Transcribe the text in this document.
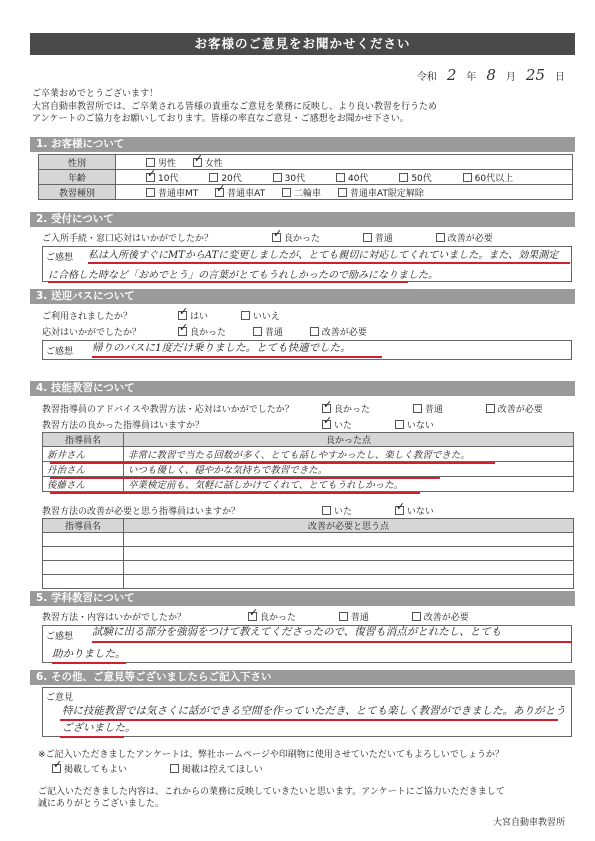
お客様のご意見をお聞かせください
令和 2 年 8 月 25 日

ご卒業おめでとうございます！

大宮自動車教習所では、ご卒業される皆様の貴重なご意見を業務に反映し、より良い教習を行うため

アンケートのご協力をお願いしております。皆様の率直なご意見・ご感想をお聞かせ下さい。

1. お客様について
性別	男性 ✓ 女性
年齢	✓10代 20代 30代 40代 50代 60代以上
教習種別	普通車MT ✓ 普通車AT 二輪車 普通車AT限定解除
2. 受付について
ご入所手続・窓口応対はいかがでしたか？ ✓	良かった	普通	改善が必要
ご感想 私は入所後すぐにMTからATに変更しましたが、とても親切に対応してくれていました。また、効果測定
に合格した時など「おめでとう」の言葉がとてもうれしかったので励みになりました。
3. 送迎バスについて
ご利用されましたか？ ✓	はい	いいえ
応対はいかがでしたか？ ✓	良かった	普通	改善が必要
ご感想 帰りのバスに1度だけ乗りました。とても快適でした。
4. 技能教習について
教習指導員のアドバイスや教習方法・応対はいかがでしたか？ ✓	良かった	普通	改善が必要
教習方法の良かった指導員はいますか？ ✓	いた	いない
指導員名	良かった点
新井さん	非常に教習で当たる回数が多く、とても話しやすかったし、楽しく教習できた。
丹治さん	いつも優しく、穏やかな気持ちで教習できた。
後藤さん	卒業検定前も、気軽に話しかけてくれて、とてもうれしかった。
教習方法の改善が必要と思う指導員はいますか？	いた ✓	いない
指導員名	改善が必要と思う点

5. 学科教習について
教習方法・内容はいかがでしたか？ ✓	良かった	普通	改善が必要
ご感想 試験に出る部分を強弱をつけて教えてくださったので、復習も消点がとれたし、とても
助かりました。
6. その他、ご意見等ございましたらご記入下さい
ご意見
特に技能教習では気さくに話ができる空間を作っていただき、とても楽しく教習ができました。ありがとう
ございました。
※ご記入いただきましたアンケートは、弊社ホームページや印刷物に使用させていただいてもよろしいでしょうか？
✓掲載してもよい	掲載は控えてほしい

ご記入いただきました内容は、これからの業務に反映していきたいと思います。アンケートにご協力いただきまして

誠にありがとうございました。

大宮自動車教習所
